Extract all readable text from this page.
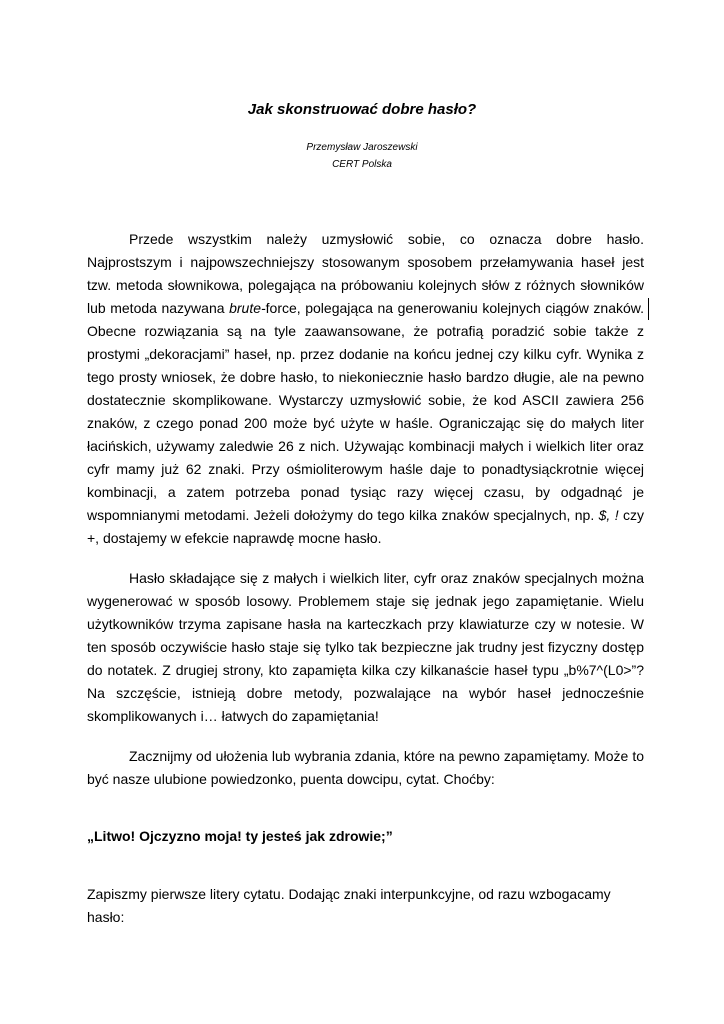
Jak skonstruować dobre hasło?
Przemysław Jaroszewski
CERT Polska

Przede wszystkim należy uzmysłowić sobie, co oznacza dobre hasło. Najprostszym i najpowszechniejszy stosowanym sposobem przełamywania haseł jest tzw. metoda słownikowa, polegająca na próbowaniu kolejnych słów z różnych słowników lub metoda nazywana brute-force, polegająca na generowaniu kolejnych ciągów znaków. Obecne rozwiązania są na tyle zaawansowane, że potrafią poradzić sobie także z prostymi „dekoracjami” haseł, np. przez dodanie na końcu jednej czy kilku cyfr. Wynika z tego prosty wniosek, że dobre hasło, to niekoniecznie hasło bardzo długie, ale na pewno dostatecznie skomplikowane. Wystarczy uzmysłowić sobie, że kod ASCII zawiera 256 znaków, z czego ponad 200 może być użyte w haśle. Ograniczając się do małych liter łacińskich, używamy zaledwie 26 z nich. Używając kombinacji małych i wielkich liter oraz cyfr mamy już 62 znaki. Przy ośmioliterowym haśle daje to ponadtysiąckrotnie więcej kombinacji, a zatem potrzeba ponad tysiąc razy więcej czasu, by odgadnąć je wspomnianymi metodami. Jeżeli dołożymy do tego kilka znaków specjalnych, np. $, ! czy +, dostajemy w efekcie naprawdę mocne hasło.

Hasło składające się z małych i wielkich liter, cyfr oraz znaków specjalnych można wygenerować w sposób losowy. Problemem staje się jednak jego zapamiętanie. Wielu użytkowników trzyma zapisane hasła na karteczkach przy klawiaturze czy w notesie. W ten sposób oczywiście hasło staje się tylko tak bezpieczne jak trudny jest fizyczny dostęp do notatek. Z drugiej strony, kto zapamięta kilka czy kilkanaście haseł typu „b%7^(L0>”? Na szczęście, istnieją dobre metody, pozwalające na wybór haseł jednocześnie skomplikowanych i… łatwych do zapamiętania!

Zacznijmy od ułożenia lub wybrania zdania, które na pewno zapamiętamy. Może to być nasze ulubione powiedzonko, puenta dowcipu, cytat. Choćby:

„Litwo! Ojczyzno moja! ty jesteś jak zdrowie;”

Zapiszmy pierwsze litery cytatu. Dodając znaki interpunkcyjne, od razu wzbogacamy hasło:
